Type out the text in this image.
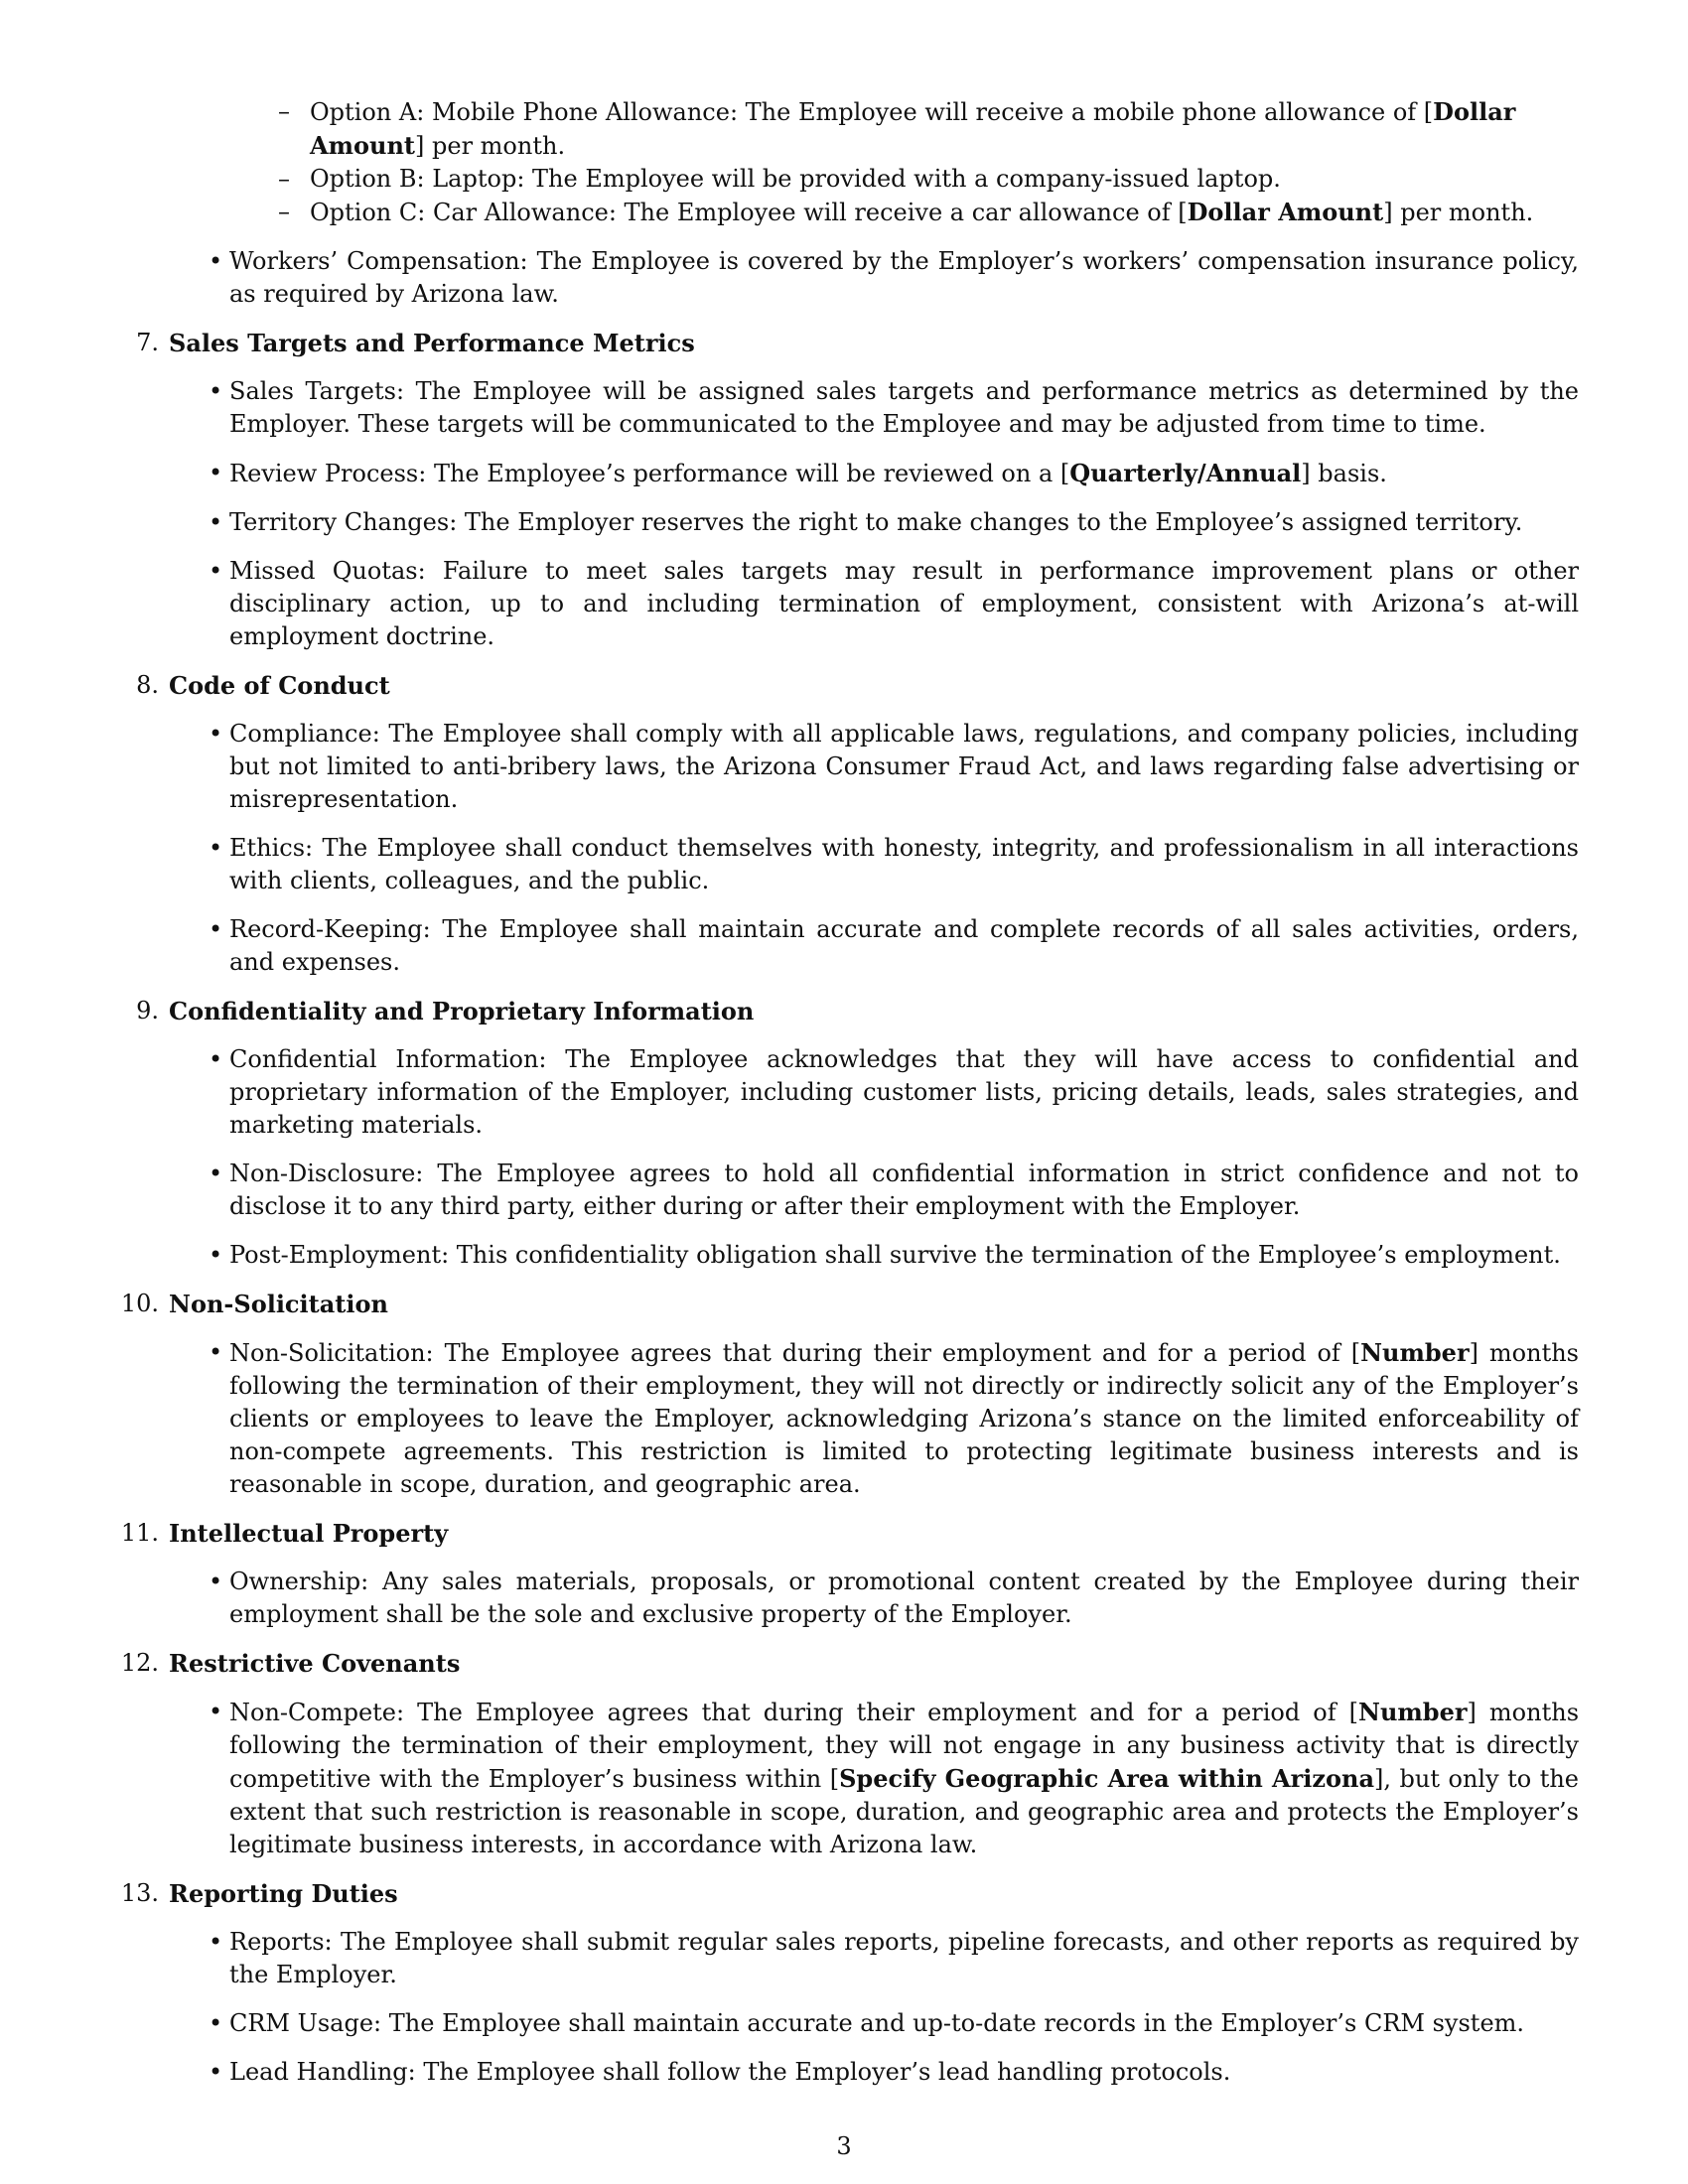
– Option A: Mobile Phone Allowance: The Employee will receive a mobile phone allowance of [Dollar Amount] per month.
– Option B: Laptop: The Employee will be provided with a company-issued laptop.
– Option C: Car Allowance: The Employee will receive a car allowance of [Dollar Amount] per month.
• Workers’ Compensation: The Employee is covered by the Employer’s workers’ compensation insurance policy, as required by Arizona law.
7. Sales Targets and Performance Metrics
• Sales Targets: The Employee will be assigned sales targets and performance metrics as determined by the Employer. These targets will be communicated to the Employee and may be adjusted from time to time.
• Review Process: The Employee’s performance will be reviewed on a [Quarterly/Annual] basis.
• Territory Changes: The Employer reserves the right to make changes to the Employee’s assigned territory.
• Missed Quotas: Failure to meet sales targets may result in performance improvement plans or other disciplinary action, up to and including termination of employment, consistent with Arizona’s at-will employment doctrine.
8. Code of Conduct
• Compliance: The Employee shall comply with all applicable laws, regulations, and company policies, including but not limited to anti-bribery laws, the Arizona Consumer Fraud Act, and laws regarding false advertising or misrepresentation.
• Ethics: The Employee shall conduct themselves with honesty, integrity, and professionalism in all interactions with clients, colleagues, and the public.
• Record-Keeping: The Employee shall maintain accurate and complete records of all sales activities, orders, and expenses.
9. Confidentiality and Proprietary Information
• Confidential Information: The Employee acknowledges that they will have access to confidential and proprietary information of the Employer, including customer lists, pricing details, leads, sales strategies, and marketing materials.
• Non-Disclosure: The Employee agrees to hold all confidential information in strict confidence and not to disclose it to any third party, either during or after their employment with the Employer.
• Post-Employment: This confidentiality obligation shall survive the termination of the Employee’s employment.
10. Non-Solicitation
• Non-Solicitation: The Employee agrees that during their employment and for a period of [Number] months following the termination of their employment, they will not directly or indirectly solicit any of the Employer’s clients or employees to leave the Employer, acknowledging Arizona’s stance on the limited enforceability of non-compete agreements. This restriction is limited to protecting legitimate business interests and is reasonable in scope, duration, and geographic area.
11. Intellectual Property
• Ownership: Any sales materials, proposals, or promotional content created by the Employee during their employment shall be the sole and exclusive property of the Employer.
12. Restrictive Covenants
• Non-Compete: The Employee agrees that during their employment and for a period of [Number] months following the termination of their employment, they will not engage in any business activity that is directly competitive with the Employer’s business within [Specify Geographic Area within Arizona], but only to the extent that such restriction is reasonable in scope, duration, and geographic area and protects the Employer’s legitimate business interests, in accordance with Arizona law.
13. Reporting Duties
• Reports: The Employee shall submit regular sales reports, pipeline forecasts, and other reports as required by the Employer.
• CRM Usage: The Employee shall maintain accurate and up-to-date records in the Employer’s CRM system.
• Lead Handling: The Employee shall follow the Employer’s lead handling protocols.
3
